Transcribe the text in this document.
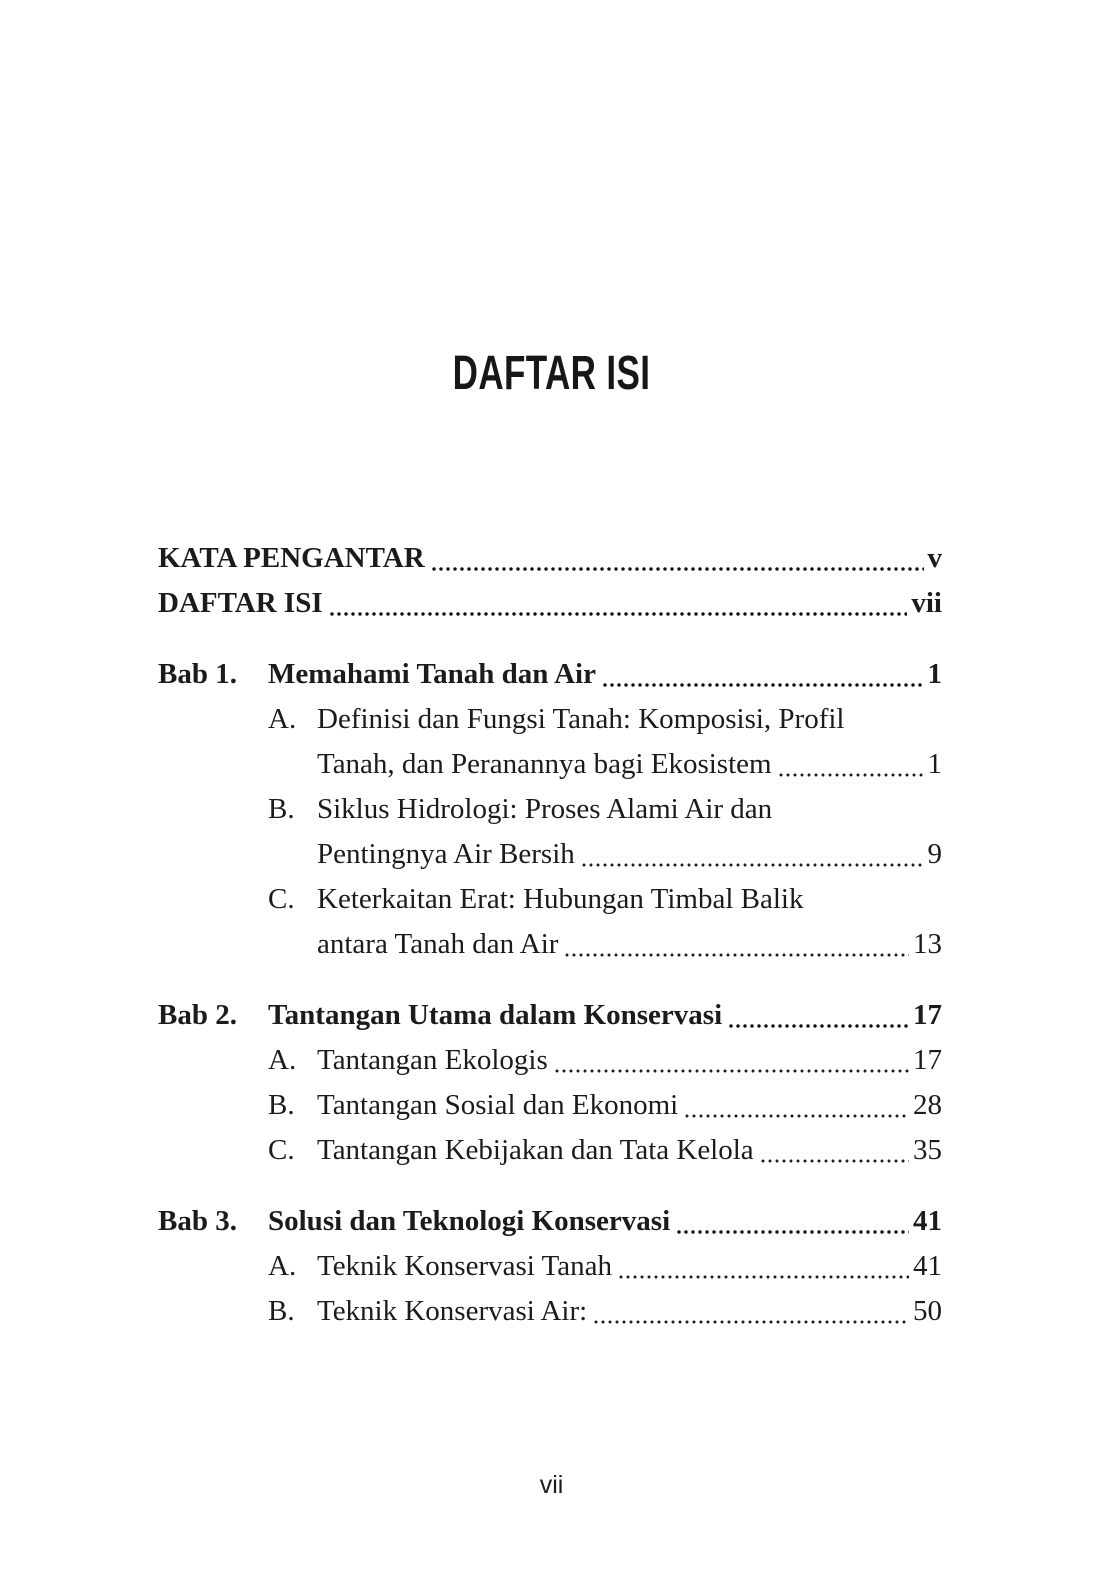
DAFTAR ISI
KATA PENGANTAR	v
DAFTAR ISI	vii
Bab 1.	Memahami Tanah dan Air	1
A. Definisi dan Fungsi Tanah: Komposisi, Profil
Tanah, dan Peranannya bagi Ekosistem	1
B. Siklus Hidrologi: Proses Alami Air dan
Pentingnya Air Bersih	9
C. Keterkaitan Erat: Hubungan Timbal Balik
antara Tanah dan Air	13
Bab 2.	Tantangan Utama dalam Konservasi	17
A. Tantangan Ekologis	17
B. Tantangan Sosial dan Ekonomi	28
C. Tantangan Kebijakan dan Tata Kelola	35
Bab 3.	Solusi dan Teknologi Konservasi	41
A. Teknik Konservasi Tanah	41
B. Teknik Konservasi Air:	50
vii
